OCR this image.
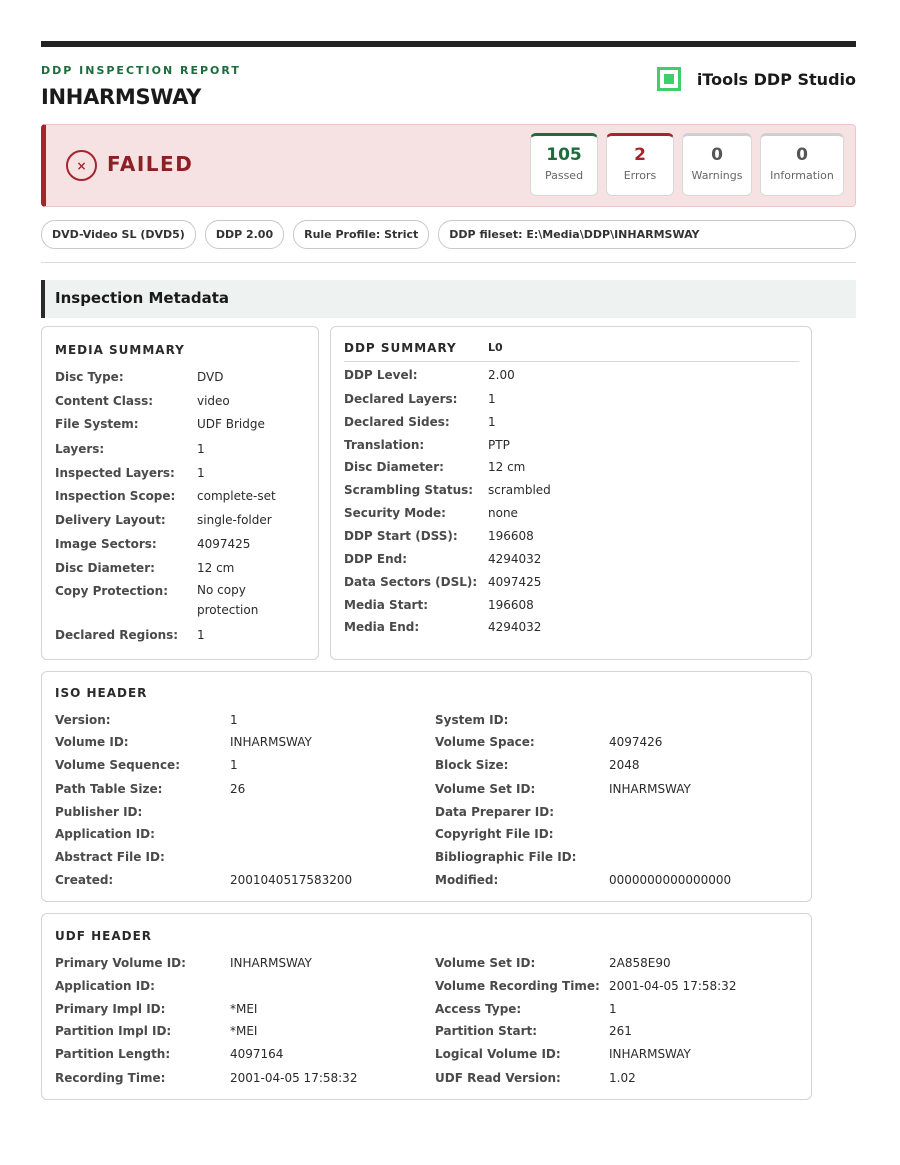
DDP INSPECTION REPORT
INHARMSWAY
iTools DDP Studio
×	FAILED	105
Passed
2
Errors
0
Warnings
0
Information
DVD-Video SL (DVD5)	DDP 2.00	Rule Profile: Strict	DDP fileset: E:\Media\DDP\INHARMSWAY
Inspection Metadata
MEDIA SUMMARY
Disc Type:	DVD
Content Class:	video
File System:	UDF Bridge
Layers:	1
Inspected Layers: 1
Inspection Scope: complete-set
Delivery Layout:	single-folder
Image Sectors:	4097425
Disc Diameter:	12 cm
Copy Protection: No copy protection
Declared Regions: 1
DDP SUMMARY	L0
DDP Level:	2.00
Declared Layers:	1
Declared Sides:	1
Translation:	PTP
Disc Diameter:	12 cm
Scrambling Status: scrambled
Security Mode:	none
DDP Start (DSS):	196608
DDP End:	4294032
Data Sectors (DSL): 4097425
Media Start:	196608
Media End:	4294032
ISO HEADER
Version:	1	System ID:
Volume ID:	INHARMSWAY	Volume Space:	4097426
Volume Sequence:	1	Block Size:	2048
Path Table Size:	26	Volume Set ID:	INHARMSWAY
Publisher ID:	Data Preparer ID:
Application ID:	Copyright File ID:
Abstract File ID:	Bibliographic File ID:
Created:	2001040517583200	Modified:	0000000000000000
UDF HEADER
Primary Volume ID:	INHARMSWAY	Volume Set ID:	2A858E90
Application ID:	Volume Recording Time: 2001-04-05 17:58:32
Primary Impl ID:	*MEI	Access Type:	1
Partition Impl ID:	*MEI	Partition Start:	261
Partition Length:	4097164	Logical Volume ID:	INHARMSWAY
Recording Time:	2001-04-05 17:58:32	UDF Read Version:	1.02
